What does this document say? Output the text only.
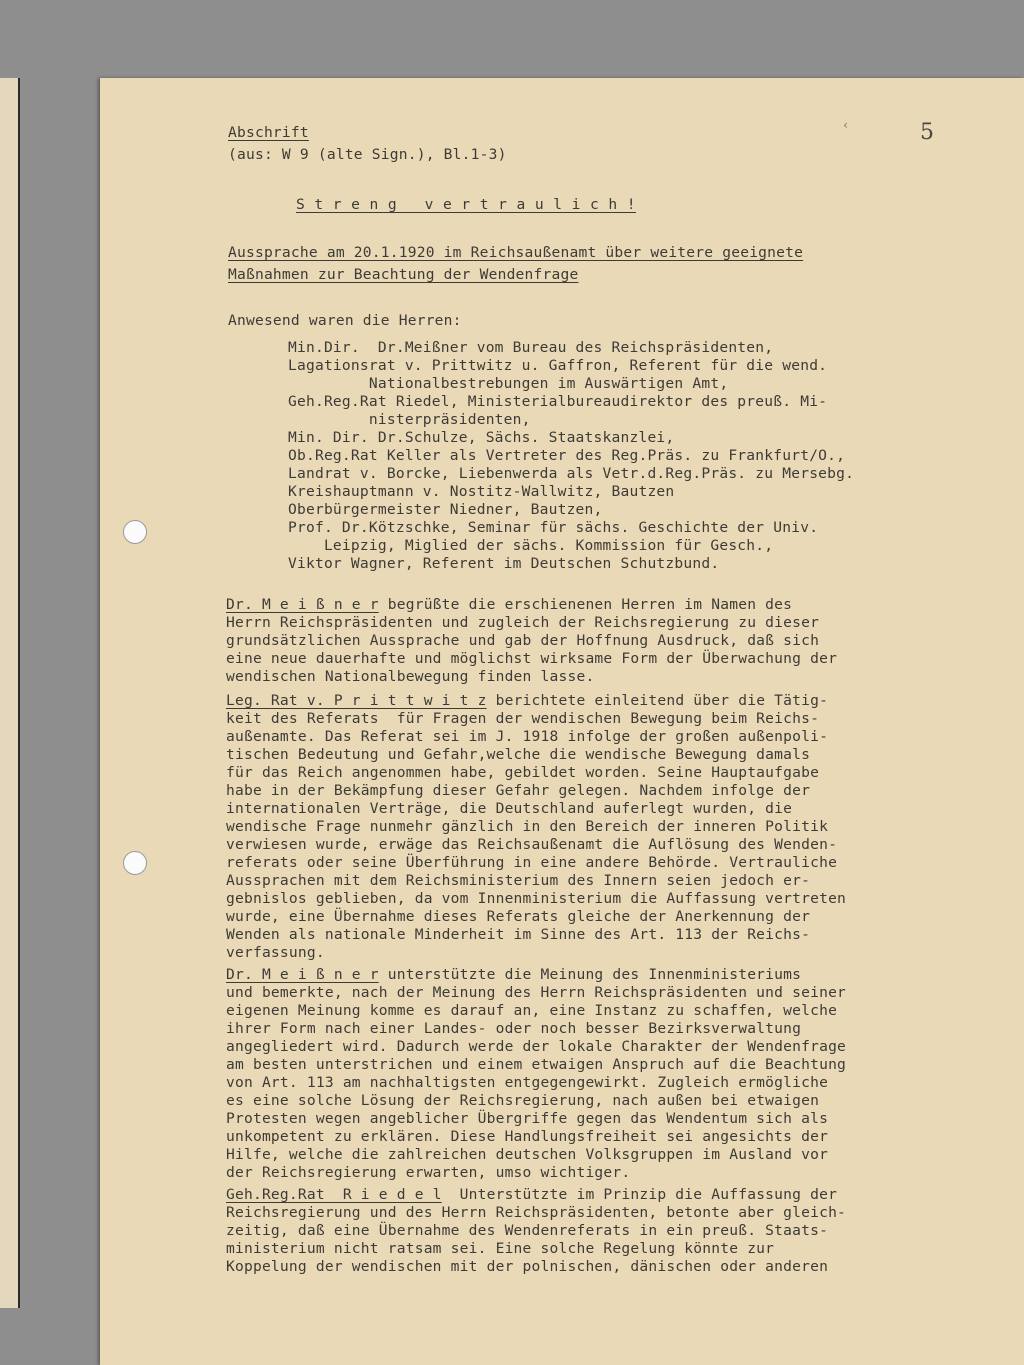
Abschrift
(aus: W 9 (alte Sign.), Bl.1-3)
‹	5
S t r e n g   v e r t r a u l i c h !
Aussprache am 20.1.1920 im Reichsaußenamt über weitere geeignete
Maßnahmen zur Beachtung der Wendenfrage
Anwesend waren die Herren:
Min.Dir.  Dr.Meißner vom Bureau des Reichspräsidenten,
Lagationsrat v. Prittwitz u. Gaffron, Referent für die wend.
Nationalbestrebungen im Auswärtigen Amt,
Geh.Reg.Rat Riedel, Ministerialbureaudirektor des preuß. Mi-
nisterpräsidenten,
Min. Dir. Dr.Schulze, Sächs. Staatskanzlei,
Ob.Reg.Rat Keller als Vertreter des Reg.Präs. zu Frankfurt/O.,
Landrat v. Borcke, Liebenwerda als Vetr.d.Reg.Präs. zu Mersebg.
Kreishauptmann v. Nostitz-Wallwitz, Bautzen
Oberbürgermeister Niedner, Bautzen,
Prof. Dr.Kötzschke, Seminar für sächs. Geschichte der Univ.
Leipzig, Miglied der sächs. Kommission für Gesch.,
Viktor Wagner, Referent im Deutschen Schutzbund.
Dr. M e i ß n e r begrüßte die erschienenen Herren im Namen des
Herrn Reichspräsidenten und zugleich der Reichsregierung zu dieser
grundsätzlichen Aussprache und gab der Hoffnung Ausdruck, daß sich
eine neue dauerhafte und möglichst wirksame Form der Überwachung der
wendischen Nationalbewegung finden lasse.
Leg. Rat v. P r i t t w i t z berichtete einleitend über die Tätig-
keit des Referats  für Fragen der wendischen Bewegung beim Reichs-
außenamte. Das Referat sei im J. 1918 infolge der großen außenpoli-
tischen Bedeutung und Gefahr,welche die wendische Bewegung damals
für das Reich angenommen habe, gebildet worden. Seine Hauptaufgabe
habe in der Bekämpfung dieser Gefahr gelegen. Nachdem infolge der
internationalen Verträge, die Deutschland auferlegt wurden, die
wendische Frage nunmehr gänzlich in den Bereich der inneren Politik
verwiesen wurde, erwäge das Reichsaußenamt die Auflösung des Wenden-
referats oder seine Überführung in eine andere Behörde. Vertrauliche
Aussprachen mit dem Reichsministerium des Innern seien jedoch er-
gebnislos geblieben, da vom Innenministerium die Auffassung vertreten
wurde, eine Übernahme dieses Referats gleiche der Anerkennung der
Wenden als nationale Minderheit im Sinne des Art. 113 der Reichs-
verfassung.
Dr. M e i ß n e r unterstützte die Meinung des Innenministeriums
und bemerkte, nach der Meinung des Herrn Reichspräsidenten und seiner
eigenen Meinung komme es darauf an, eine Instanz zu schaffen, welche
ihrer Form nach einer Landes- oder noch besser Bezirksverwaltung
angegliedert wird. Dadurch werde der lokale Charakter der Wendenfrage
am besten unterstrichen und einem etwaigen Anspruch auf die Beachtung
von Art. 113 am nachhaltigsten entgegengewirkt. Zugleich ermögliche
es eine solche Lösung der Reichsregierung, nach außen bei etwaigen
Protesten wegen angeblicher Übergriffe gegen das Wendentum sich als
unkompetent zu erklären. Diese Handlungsfreiheit sei angesichts der
Hilfe, welche die zahlreichen deutschen Volksgruppen im Ausland vor
der Reichsregierung erwarten, umso wichtiger.
Geh.Reg.Rat  R i e d e l  Unterstützte im Prinzip die Auffassung der
Reichsregierung und des Herrn Reichspräsidenten, betonte aber gleich-
zeitig, daß eine Übernahme des Wendenreferats in ein preuß. Staats-
ministerium nicht ratsam sei. Eine solche Regelung könnte zur
Koppelung der wendischen mit der polnischen, dänischen oder anderen
